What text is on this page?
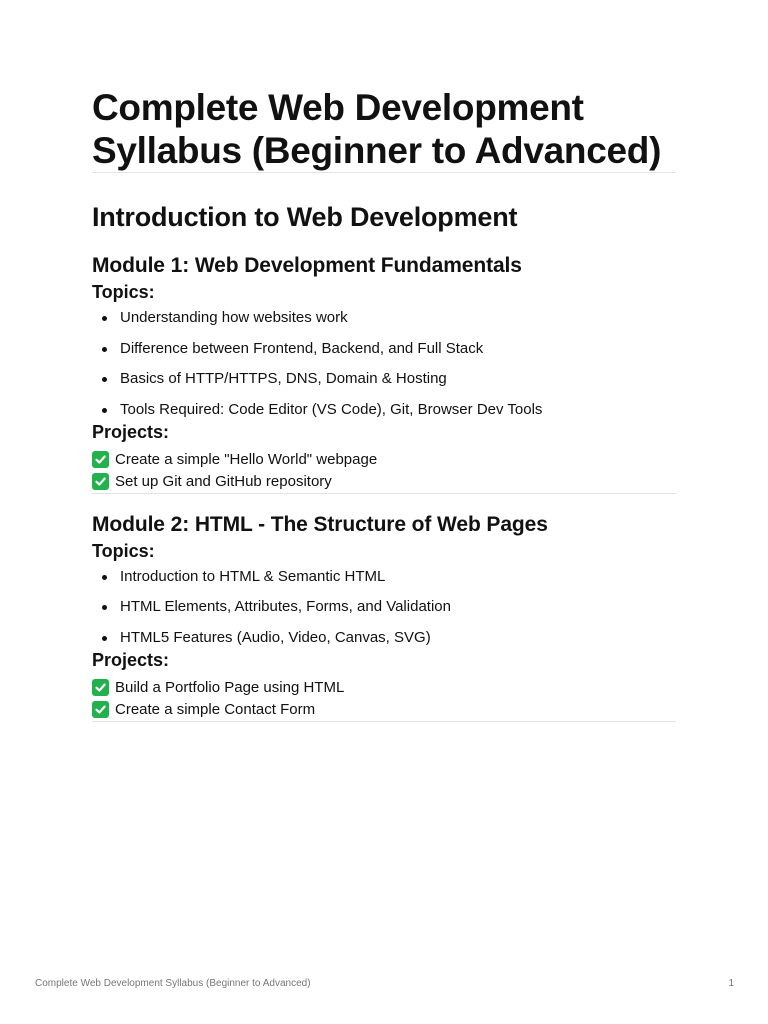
Complete Web Development Syllabus (Beginner to Advanced)
Introduction to Web Development
Module 1: Web Development Fundamentals
Topics:
Understanding how websites work
Difference between Frontend, Backend, and Full Stack
Basics of HTTP/HTTPS, DNS, Domain & Hosting
Tools Required: Code Editor (VS Code), Git, Browser Dev Tools
Projects:
Create a simple "Hello World" webpage
Set up Git and GitHub repository
Module 2: HTML - The Structure of Web Pages
Topics:
Introduction to HTML & Semantic HTML
HTML Elements, Attributes, Forms, and Validation
HTML5 Features (Audio, Video, Canvas, SVG)
Projects:
Build a Portfolio Page using HTML
Create a simple Contact Form
Complete Web Development Syllabus (Beginner to Advanced)	1
